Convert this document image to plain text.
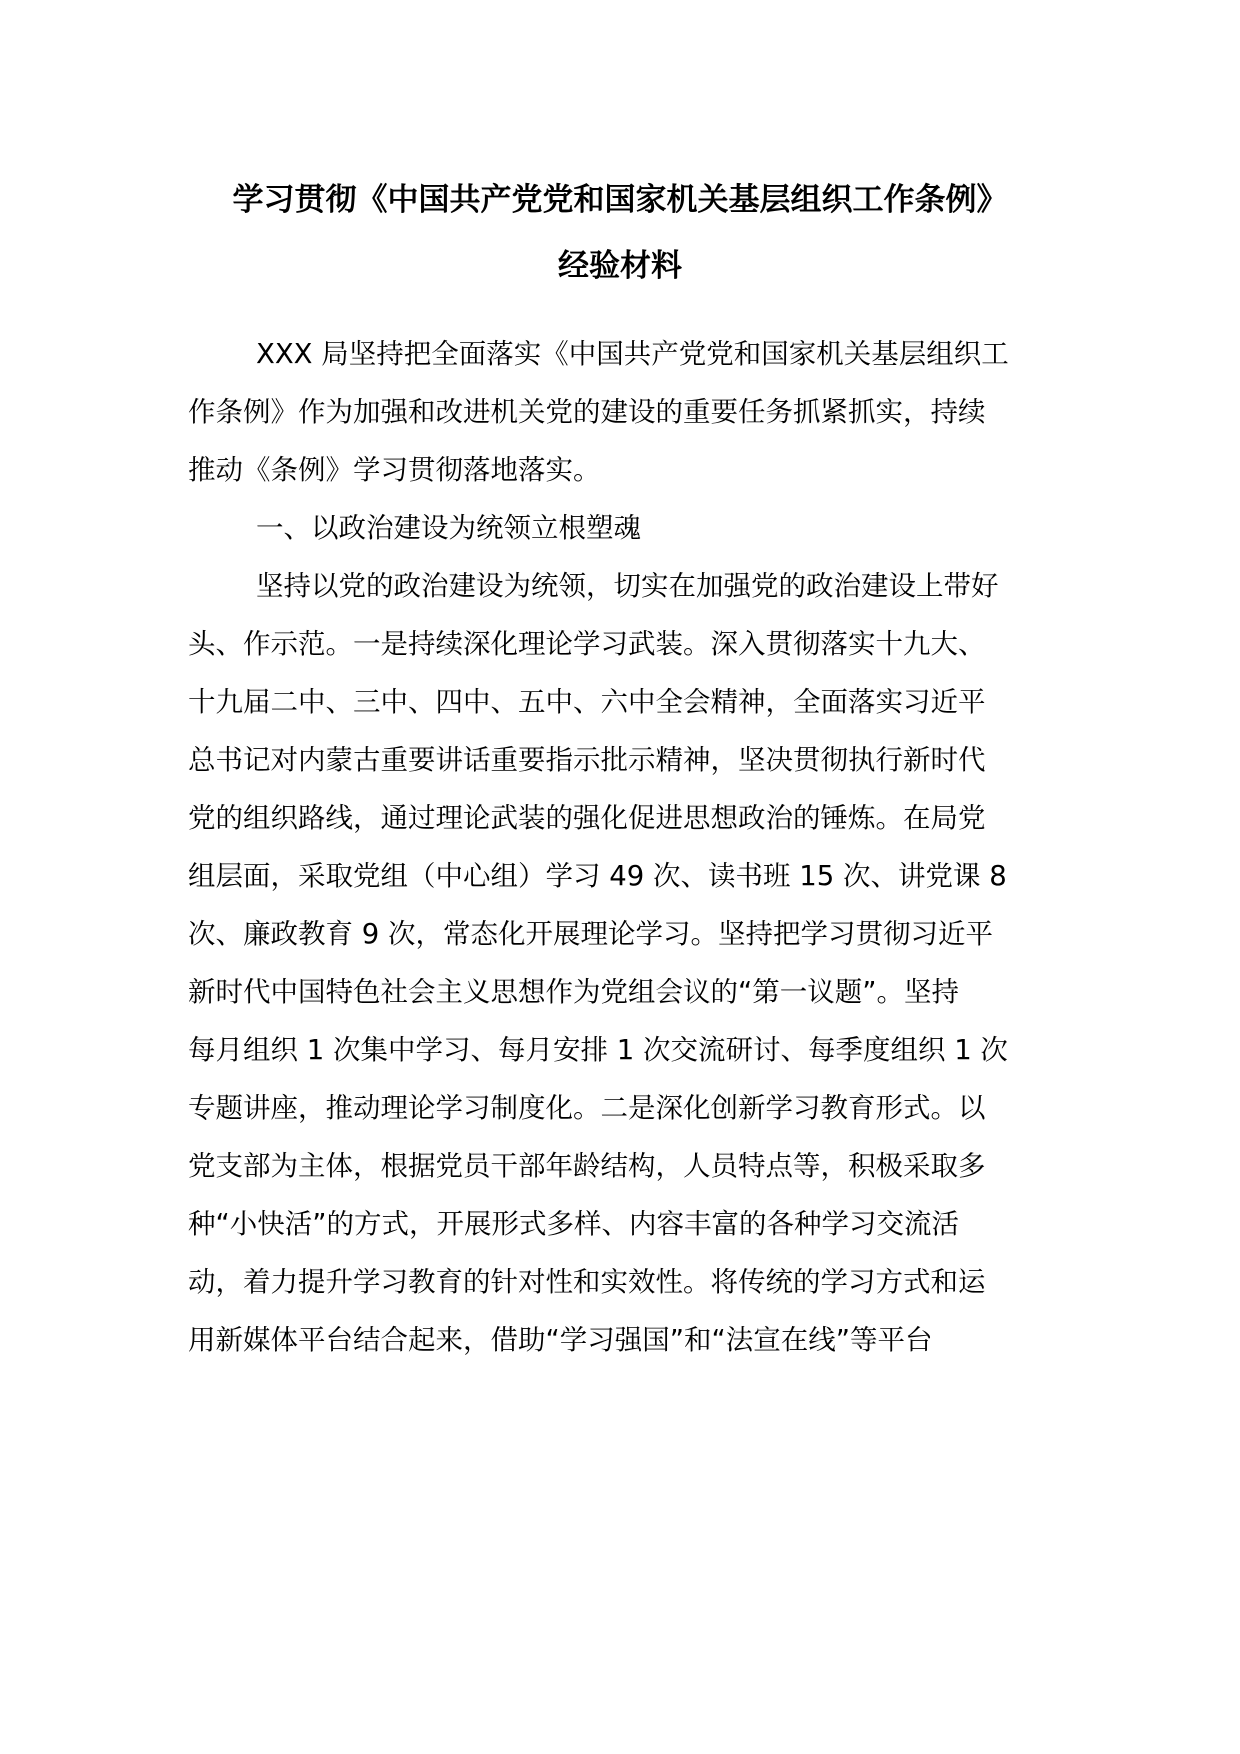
学习贯彻《中国共产党党和国家机关基层组织工作条例》
经验材料
XXX 局坚持把全面落实《中国共产党党和国家机关基层组织工
作条例》作为加强和改进机关党的建设的重要任务抓紧抓实，持续
推动《条例》学习贯彻落地落实。
一、以政治建设为统领立根塑魂
坚持以党的政治建设为统领，切实在加强党的政治建设上带好
头、作示范。一是持续深化理论学习武装。深入贯彻落实十九大、
十九届二中、三中、四中、五中、六中全会精神，全面落实习近平
总书记对内蒙古重要讲话重要指示批示精神，坚决贯彻执行新时代
党的组织路线，通过理论武装的强化促进思想政治的锤炼。在局党
组层面，采取党组（中心组）学习 49 次、读书班 15 次、讲党课 8
次、廉政教育 9 次，常态化开展理论学习。坚持把学习贯彻习近平
新时代中国特色社会主义思想作为党组会议的“第一议题”。坚持
每月组织 1 次集中学习、每月安排 1 次交流研讨、每季度组织 1 次
专题讲座，推动理论学习制度化。二是深化创新学习教育形式。以
党支部为主体，根据党员干部年龄结构，人员特点等，积极采取多
种“小快活”的方式，开展形式多样、内容丰富的各种学习交流活
动，着力提升学习教育的针对性和实效性。将传统的学习方式和运
用新媒体平台结合起来，借助“学习强国”和“法宣在线”等平台
